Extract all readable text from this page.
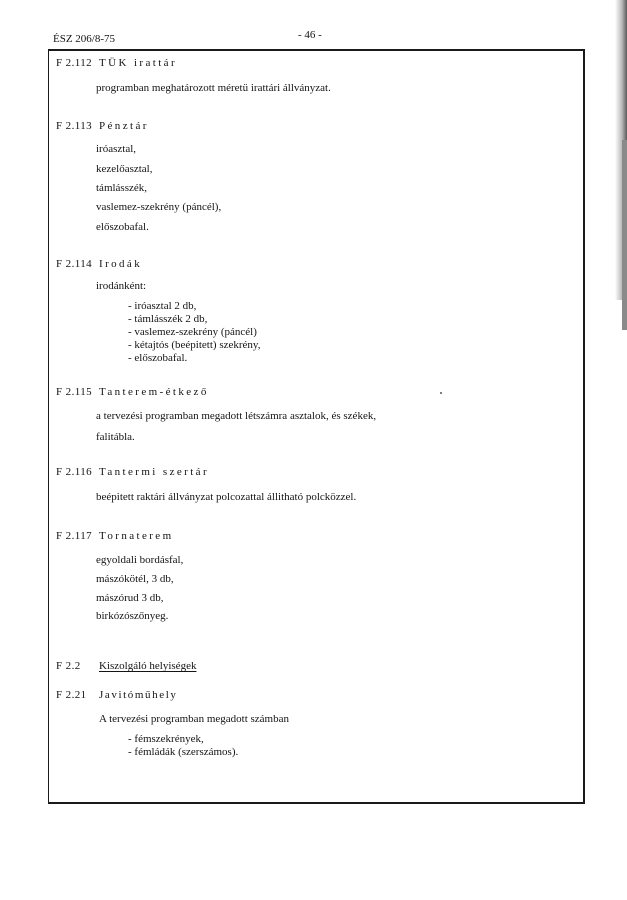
ÉSZ 206/8-75	- 46 -
F 2.112 TÜK irattár
programban meghatározott méretü irattári állványzat.
F 2.113 Pénztár
iróasztal,
kezelőasztal,
támlásszék,
vaslemez-szekrény (páncél),
előszobafal.
F 2.114 Irodák
irodánként:
- iróasztal 2 db,
- támlásszék 2 db,
- vaslemez-szekrény (páncél)
- kétajtós (beépitett) szekrény,
- előszobafal.
F 2.115 Tanterem-étkező
a tervezési programban megadott létszámra asztalok, és székek,
falitábla.
F 2.116 Tantermi szertár
beépitett raktári állványzat polcozattal állitható polcközzel.
F 2.117 Tornaterem
egyoldali bordásfal,
mászókötél, 3 db,
mászórud 3 db,
birkózószőnyeg.
F 2.2 Kiszolgáló helyiségek
F 2.21 Javitóműhely
A tervezési programban megadott számban
- fémszekrények,
- fémládák (szerszámos).
